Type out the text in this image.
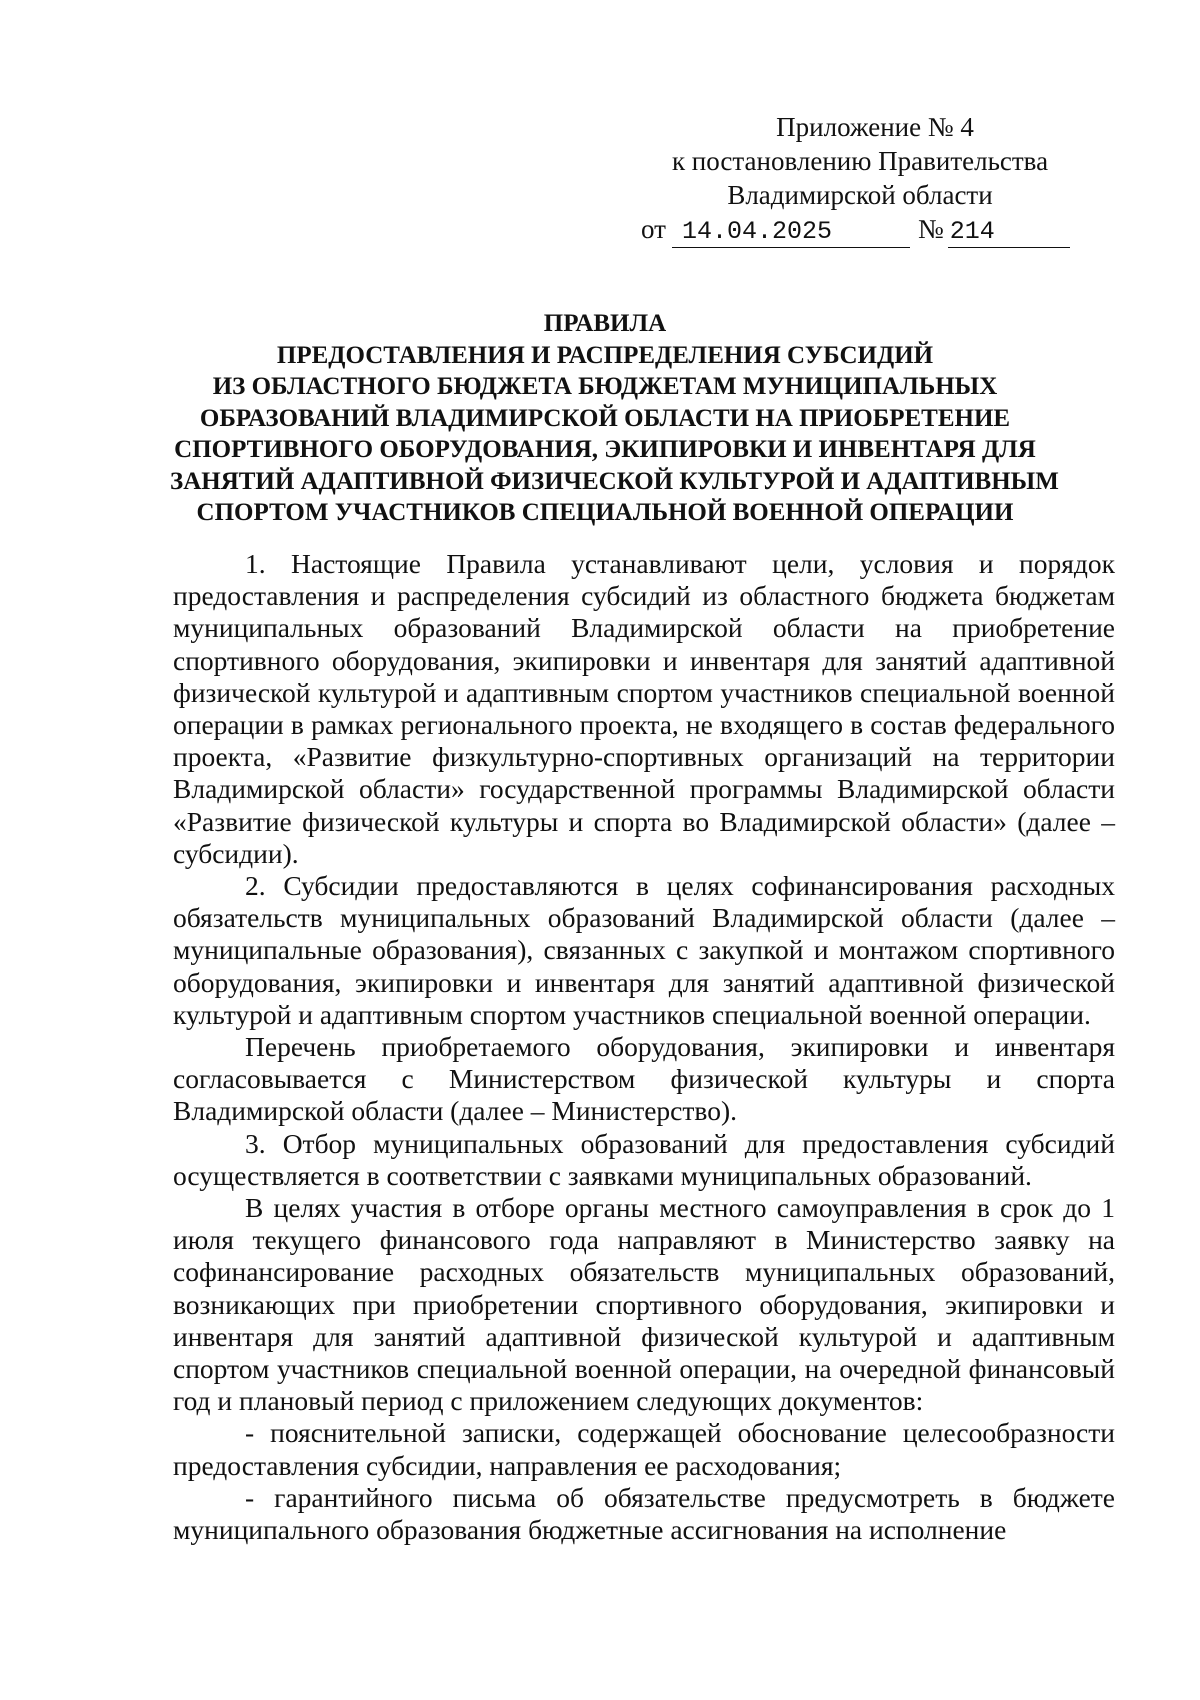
Приложение № 4
к постановлению Правительства
Владимирской области
от 14.04.2025	№ 214
ПРАВИЛА
ПРЕДОСТАВЛЕНИЯ И РАСПРЕДЕЛЕНИЯ СУБСИДИЙ
ИЗ ОБЛАСТНОГО БЮДЖЕТА БЮДЖЕТАМ МУНИЦИПАЛЬНЫХ
ОБРАЗОВАНИЙ ВЛАДИМИРСКОЙ ОБЛАСТИ НА ПРИОБРЕТЕНИЕ
СПОРТИВНОГО ОБОРУДОВАНИЯ, ЭКИПИРОВКИ И ИНВЕНТАРЯ ДЛЯ
ЗАНЯТИЙ АДАПТИВНОЙ ФИЗИЧЕСКОЙ КУЛЬТУРОЙ И АДАПТИВНЫМ
СПОРТОМ УЧАСТНИКОВ СПЕЦИАЛЬНОЙ ВОЕННОЙ ОПЕРАЦИИ

1. Настоящие Правила устанавливают цели, условия и порядок предоставления и распределения субсидий из областного бюджета бюджетам муниципальных образований Владимирской области на приобретение спортивного оборудования, экипировки и инвентаря для занятий адаптивной физической культурой и адаптивным спортом участников специальной военной операции в рамках регионального проекта, не входящего в состав федерального проекта, «Развитие физкультурно-спортивных организаций на территории Владимирской области» государственной программы Владимирской области «Развитие физической культуры и спорта во Владимирской области» (далее – субсидии).

2. Субсидии предоставляются в целях софинансирования расходных обязательств муниципальных образований Владимирской области (далее – муниципальные образования), связанных с закупкой и монтажом спортивного оборудования, экипировки и инвентаря для занятий адаптивной физической культурой и адаптивным спортом участников специальной военной операции.

Перечень приобретаемого оборудования, экипировки и инвентаря согласовывается с Министерством физической культуры и спорта Владимирской области (далее – Министерство).

3. Отбор муниципальных образований для предоставления субсидий осуществляется в соответствии с заявками муниципальных образований.

В целях участия в отборе органы местного самоуправления в срок до 1 июля текущего финансового года направляют в Министерство заявку на софинансирование расходных обязательств муниципальных образований, возникающих при приобретении спортивного оборудования, экипировки и инвентаря для занятий адаптивной физической культурой и адаптивным спортом участников специальной военной операции, на очередной финансовый год и плановый период с приложением следующих документов:

- пояснительной записки, содержащей обоснование целесообразности предоставления субсидии, направления ее расходования;

- гарантийного письма об обязательстве предусмотреть в бюджете муниципального образования бюджетные ассигнования на исполнение
